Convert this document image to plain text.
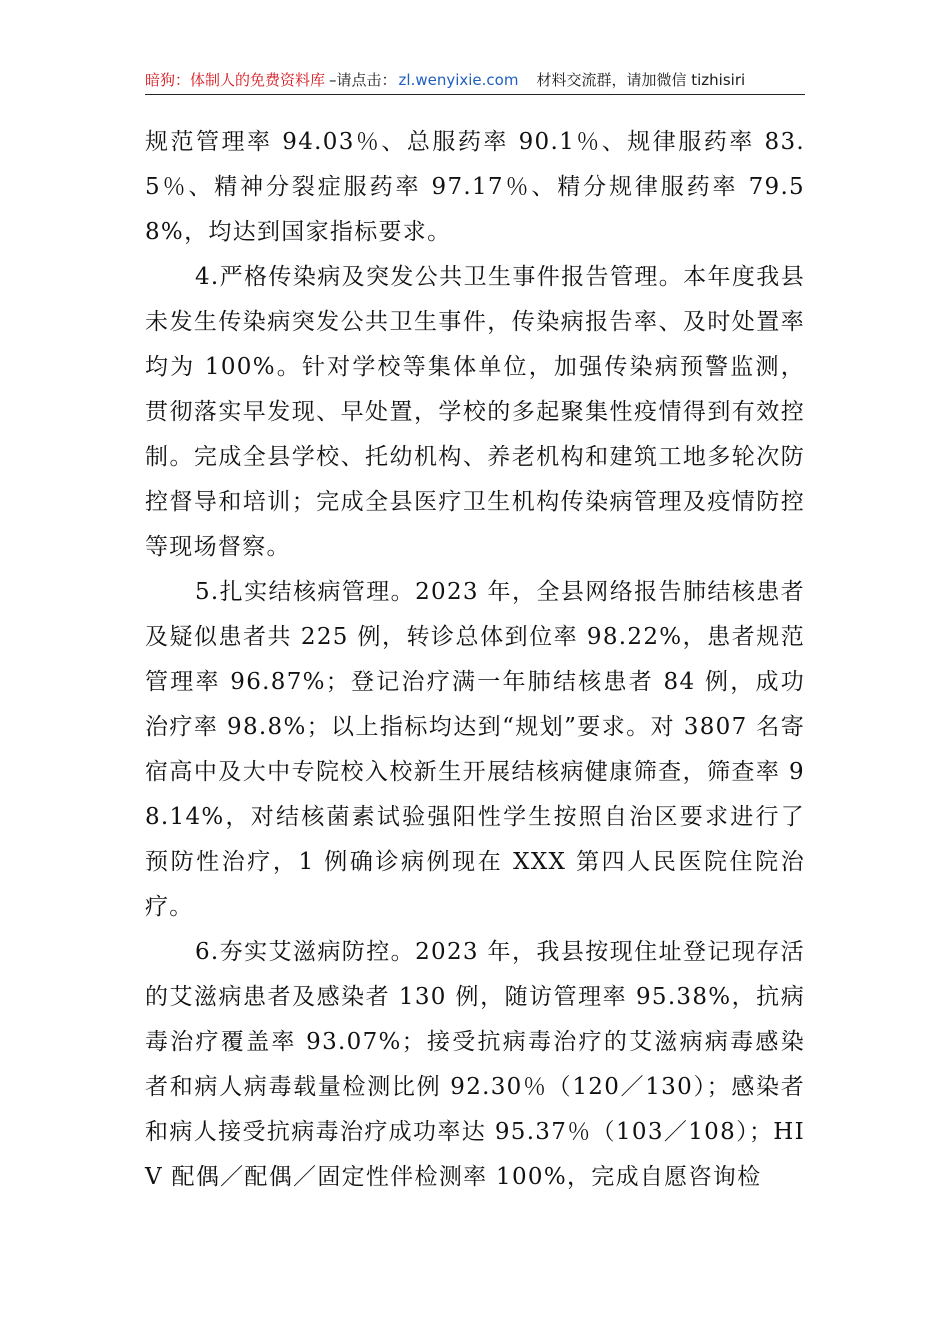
暗狗：体制人的免费资料库 –请点击： zl.wenyixie.com 材料交流群，请加微信 tizhisiri

规范管理率 94.03％、总服药率 90.1％、规律服药率 83.5％、精神分裂症服药率 97.17％、精分规律服药率 79.58%，均达到国家指标要求。

4.严格传染病及突发公共卫生事件报告管理。本年度我县未发生传染病突发公共卫生事件，传染病报告率、及时处置率均为 100%。针对学校等集体单位，加强传染病预警监测，贯彻落实早发现、早处置，学校的多起聚集性疫情得到有效控制。完成全县学校、托幼机构、养老机构和建筑工地多轮次防控督导和培训；完成全县医疗卫生机构传染病管理及疫情防控等现场督察。

5.扎实结核病管理。2023 年，全县网络报告肺结核患者及疑似患者共 225 例，转诊总体到位率 98.22%，患者规范管理率 96.87%；登记治疗满一年肺结核患者 84 例，成功治疗率 98.8%；以上指标均达到“规划”要求。对 3807 名寄宿高中及大中专院校入校新生开展结核病健康筛查，筛查率 98.14%，对结核菌素试验强阳性学生按照自治区要求进行了预防性治疗，1 例确诊病例现在 XXX 第四人民医院住院治疗。

6.夯实艾滋病防控。2023 年，我县按现住址登记现存活的艾滋病患者及感染者 130 例，随访管理率 95.38%，抗病毒治疗覆盖率 93.07%；接受抗病毒治疗的艾滋病病毒感染者和病人病毒载量检测比例 92.30％（120／130）；感染者和病人接受抗病毒治疗成功率达 95.37％（103／108）；HIV 配偶／配偶／固定性伴检测率 100%，完成自愿咨询检
